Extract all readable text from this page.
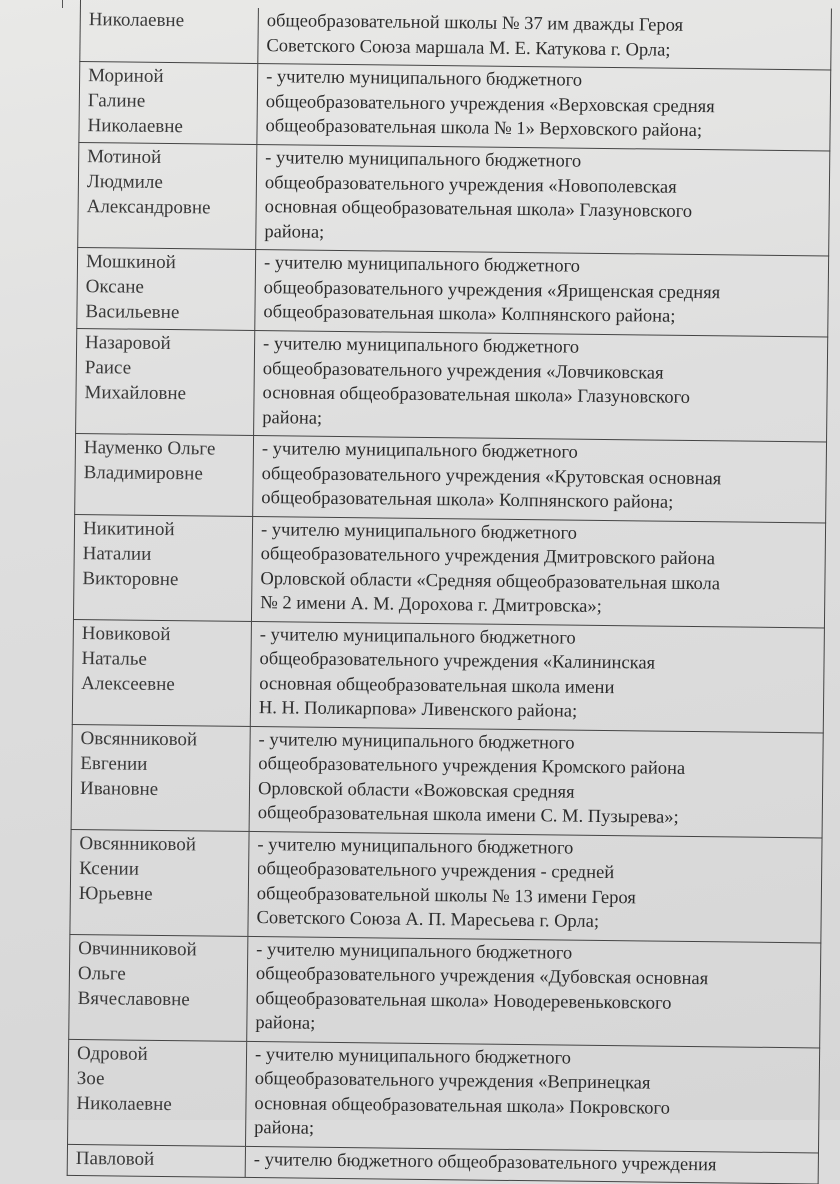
Николаевне	общеобразовательной школы № 37 им дважды Героя
Советского Союза маршала М. Е. Катукова г. Орла;
Мориной
Галине
Николаевне
- учителю муниципального бюджетного
общеобразовательного учреждения «Верховская средняя
общеобразовательная школа № 1» Верховского района;
Мотиной
Людмиле
Александровне
- учителю муниципального бюджетного
общеобразовательного учреждения «Новополевская
основная общеобразовательная школа» Глазуновского
района;
Мошкиной
Оксане
Васильевне
- учителю муниципального бюджетного
общеобразовательного учреждения «Ярищенская средняя
общеобразовательная школа» Колпнянского района;
Назаровой
Раисе
Михайловне
- учителю муниципального бюджетного
общеобразовательного учреждения «Ловчиковская
основная общеобразовательная школа» Глазуновского
района;
Науменко Ольге
Владимировне
- учителю муниципального бюджетного
общеобразовательного учреждения «Крутовская основная
общеобразовательная школа» Колпнянского района;
Никитиной
Наталии
Викторовне
- учителю муниципального бюджетного
общеобразовательного учреждения Дмитровского района
Орловской области «Средняя общеобразовательная школа
№ 2 имени А. М. Дорохова г. Дмитровска»;
Новиковой
Наталье
Алексеевне
- учителю муниципального бюджетного
общеобразовательного учреждения «Калининская
основная общеобразовательная школа имени
Н. Н. Поликарпова» Ливенского района;
Овсянниковой
Евгении
Ивановне
- учителю муниципального бюджетного
общеобразовательного учреждения Кромского района
Орловской области «Вожовская средняя
общеобразовательная школа имени С. М. Пузырева»;
Овсянниковой
Ксении
Юрьевне
- учителю муниципального бюджетного
общеобразовательного учреждения - средней
общеобразовательной школы № 13 имени Героя
Советского Союза А. П. Маресьева г. Орла;
Овчинниковой
Ольге
Вячеславовне
- учителю муниципального бюджетного
общеобразовательного учреждения «Дубовская основная
общеобразовательная школа» Новодеревеньковского
района;
Одровой
Зое
Николаевне
- учителю муниципального бюджетного
общеобразовательного учреждения «Вепринецкая
основная общеобразовательная школа» Покровского
района;
Павловой	- учителю бюджетного общеобразовательного учреждения
